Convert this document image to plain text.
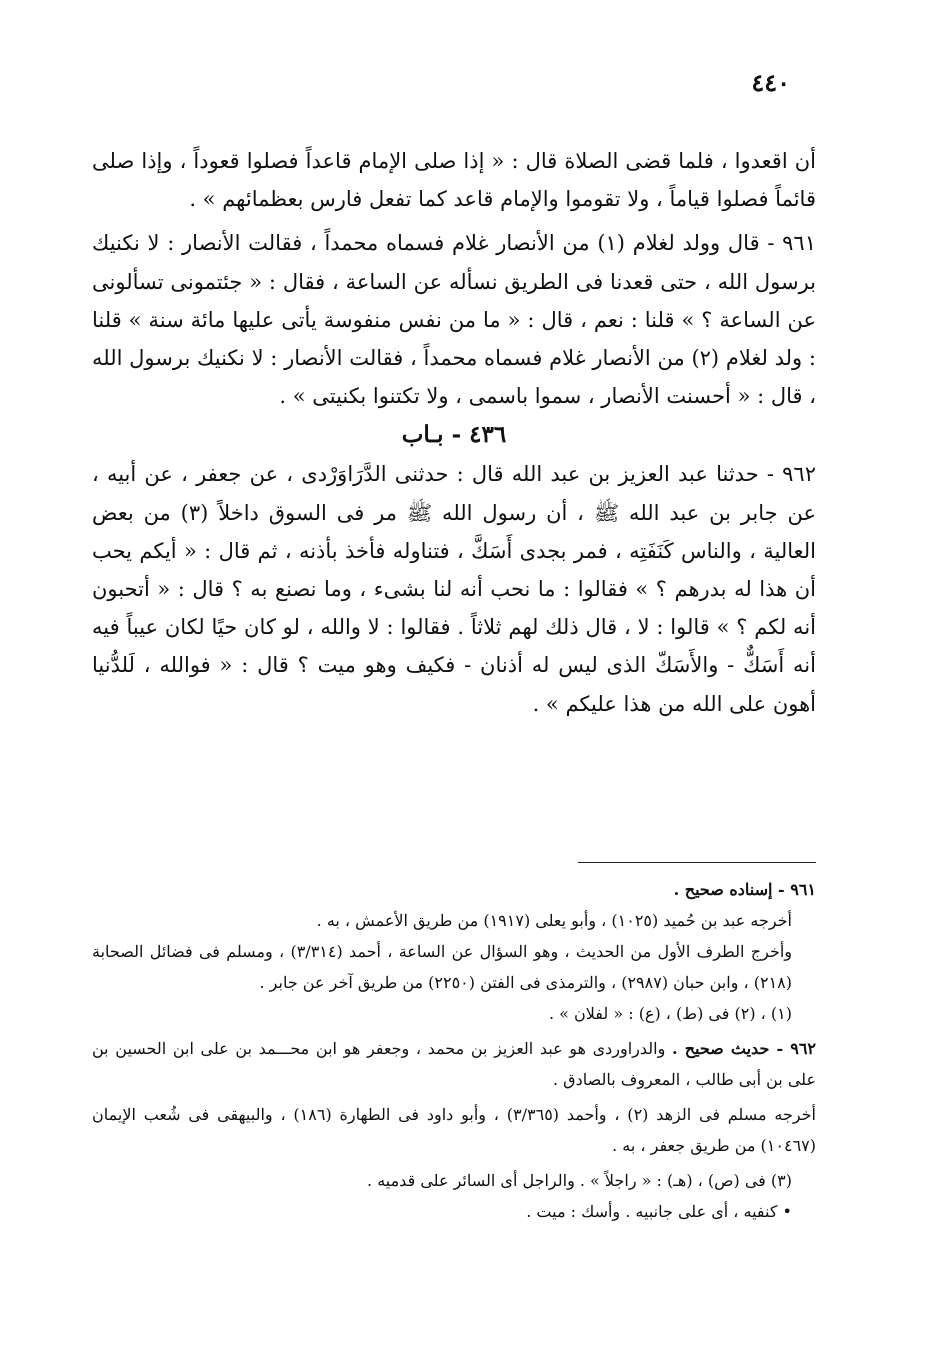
٤٤٠

أن اقعدوا ، فلما قضى الصلاة قال : « إذا صلى الإمام قاعداً فصلوا قعوداً ، وإذا صلى قائماً فصلوا قياماً ، ولا تقوموا والإمام قاعد كما تفعل فارس بعظمائهم » .

٩٦١ - قال وولد لغلام (١) من الأنصار غلام فسماه محمداً ، فقالت الأنصار : لا نكنيك برسول الله ، حتى قعدنا فى الطريق نسأله عن الساعة ، فقال : « جئتمونى تسألونى عن الساعة ؟ » قلنا : نعم ، قال : « ما من نفس منفوسة يأتى عليها مائة سنة » قلنا : ولد لغلام (٢) من الأنصار غلام فسماه محمداً ، فقالت الأنصار : لا نكنيك برسول الله ، قال : « أحسنت الأنصار ، سموا باسمى ، ولا تكتنوا بكنيتى » .

٤٣٦ - بـاب

٩٦٢ - حدثنا عبد العزيز بن عبد الله قال : حدثنى الدَّرَاوَرْدى ، عن جعفر ، عن أبيه ، عن جابر بن عبد الله ﷺ ، أن رسول الله ﷺ مر فى السوق داخلاً (٣) من بعض العالية ، والناس كَنَفَتِه ، فمر بجدى أَسَكَّ ، فتناوله فأخذ بأذنه ، ثم قال : « أيكم يحب أن هذا له بدرهم ؟ » فقالوا : ما نحب أنه لنا بشىء ، وما نصنع به ؟ قال : « أتحبون أنه لكم ؟ » قالوا : لا ، قال ذلك لهم ثلاثاً . فقالوا : لا والله ، لو كان حيًا لكان عيباً فيه أنه أَسَكٌّ - والأَسَكّ الذى ليس له أذنان - فكيف وهو ميت ؟ قال : « فوالله ، لَلدُّنيا أهون على الله من هذا عليكم » .

٩٦١ - إسناده صحيح .

أخرجه عبد بن حُميد (١٠٢٥) ، وأبو يعلى (١٩١٧) من طريق الأعمش ، به .

وأخرج الطرف الأول من الحديث ، وهو السؤال عن الساعة ، أحمد (٣/٣١٤) ، ومسلم فى فضائل الصحابة (٢١٨) ، وابن حبان (٢٩٨٧) ، والترمذى فى الفتن (٢٢٥٠) من طريق آخر عن جابر .

(١) ، (٢) فى (ط) ، (ع) : « لفلان » .

٩٦٢ - حديث صحيح . والدراوردى هو عبد العزيز بن محمد ، وجعفر هو ابن محـــمد بن على ابن الحسين بن على بن أبى طالب ، المعروف بالصادق .

أخرجه مسلم فى الزهد (٢) ، وأحمد (٣/٣٦٥) ، وأبو داود فى الطهارة (١٨٦) ، والبيهقى فى شُعب الإيمان (١٠٤٦٧) من طريق جعفر ، به .

(٣) فى (ص) ، (هـ) : « راجلاً » . والراجل أى السائر على قدميه .

• كنفيه ، أى على جانبيه . وأسك : ميت .
